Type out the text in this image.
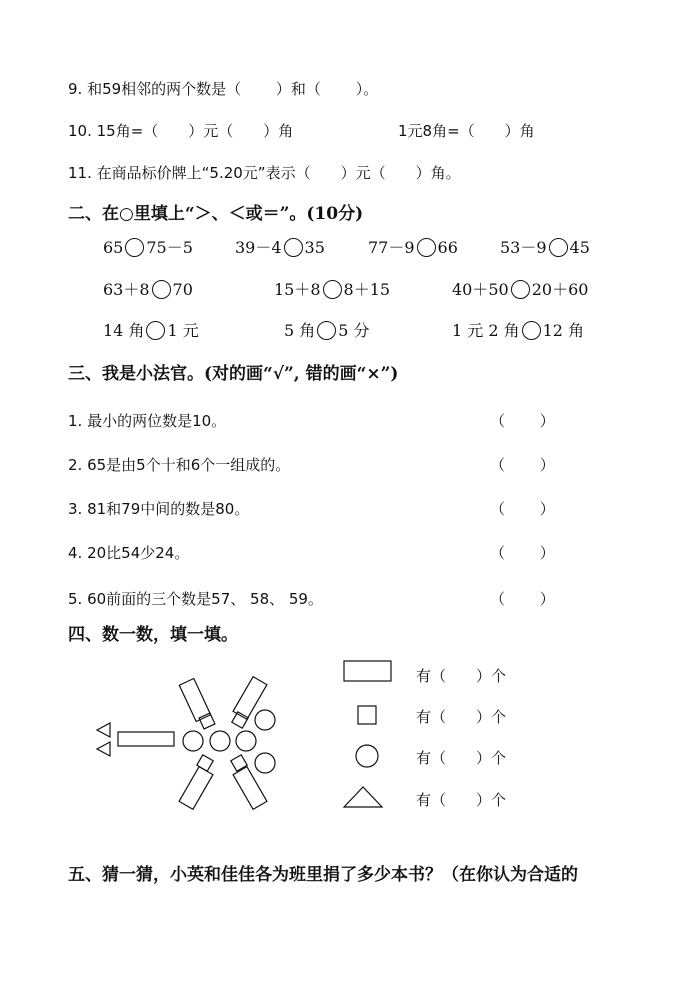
9. 和59相邻的两个数是（　　 ）和（　　 ）。
10. 15角=（　　）元（　　）角	1元8角=（　　）角
11. 在商品标价牌上“5.20元”表示（　　）元（　　）角。
二、在○里填上“＞、＜或＝”。(10分)
65 75－5	39－4 35	77－9 66	53－9 45
63＋8 70	15＋8 8＋15	40＋50 20＋60
14 角 1 元	5 角 5 分	1 元 2 角 12 角
三、我是小法官。(对的画“√”, 错的画“×”)
1. 最小的两位数是10。	（　　 ）
2. 65是由5个十和6个一组成的。	（　　 ）
3. 81和79中间的数是80。	（　　 ）
4. 20比54少24。	（　　 ）
5. 60前面的三个数是57、 58、 59。	（　　 ）
四、数一数，填一填。
有（　　）个
有（　　）个
有（　　）个
有（　　）个
五、猜一猜，小英和佳佳各为班里捐了多少本书？（在你认为合适的
